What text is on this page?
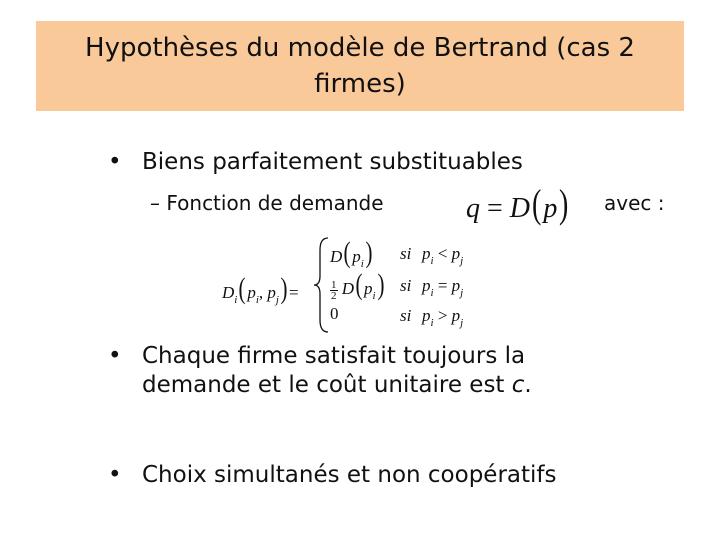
Hypothèses du modèle de Bertrand (cas 2
firmes)
• Biens parfaitement substituables
– Fonction de demande	q = D(p) avec :
$D_i(p_i$, $p_j)=$
$D(p_i)$ si $p_i < p_j$
$\frac{1}{2} D(p_i)$ si $p_i = p_j$
0	si $p_i > p_j$
• Chaque firme satisfait toujours la
demande et le coût unitaire est c.
• Choix simultanés et non coopératifs
